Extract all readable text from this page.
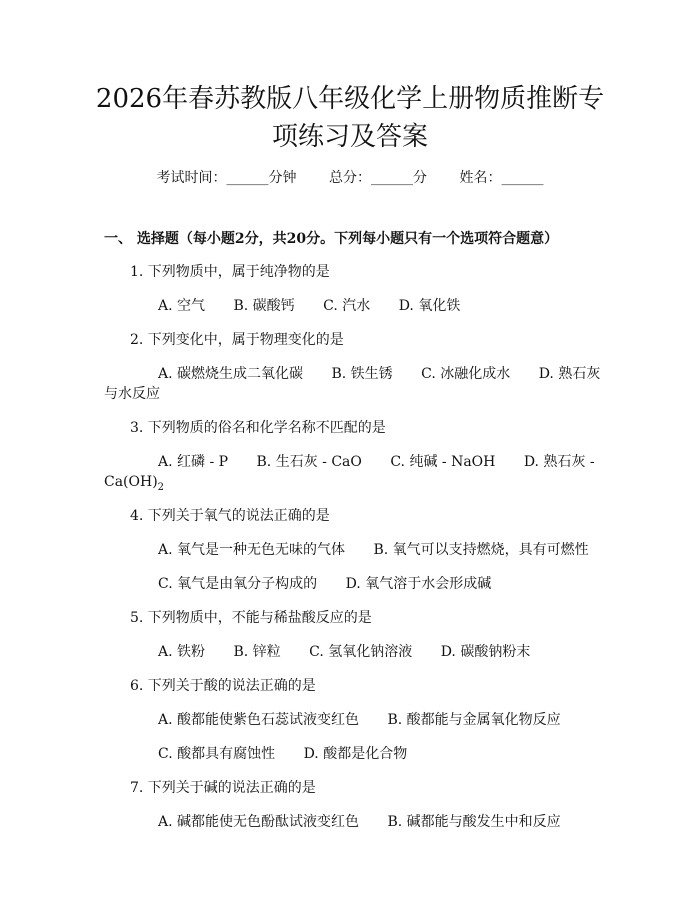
2026年春苏教版八年级化学上册物质推断专
项练习及答案
考试时间：______分钟 总分：______分 姓名：______
一、 选择题（每小题2分，共20分。下列每小题只有一个选项符合题意）
1. 下列物质中，属于纯净物的是
A. 空气 B. 碳酸钙 C. 汽水 D. 氧化铁
2. 下列变化中，属于物理变化的是
A. 碳燃烧生成二氧化碳 B. 铁生锈 C. 冰融化成水 D. 熟石灰
与水反应
3. 下列物质的俗名和化学名称不匹配的是
A. 红磷 - P B. 生石灰 - CaO C. 纯碱 - NaOH D. 熟石灰 -
$Ca(OH)_2$
4. 下列关于氧气的说法正确的是
A. 氧气是一种无色无味的气体 B. 氧气可以支持燃烧，具有可燃性
C. 氧气是由氧分子构成的 D. 氧气溶于水会形成碱
5. 下列物质中，不能与稀盐酸反应的是
A. 铁粉 B. 锌粒 C. 氢氧化钠溶液 D. 碳酸钠粉末
6. 下列关于酸的说法正确的是
A. 酸都能使紫色石蕊试液变红色 B. 酸都能与金属氧化物反应
C. 酸都具有腐蚀性 D. 酸都是化合物
7. 下列关于碱的说法正确的是
A. 碱都能使无色酚酞试液变红色 B. 碱都能与酸发生中和反应
